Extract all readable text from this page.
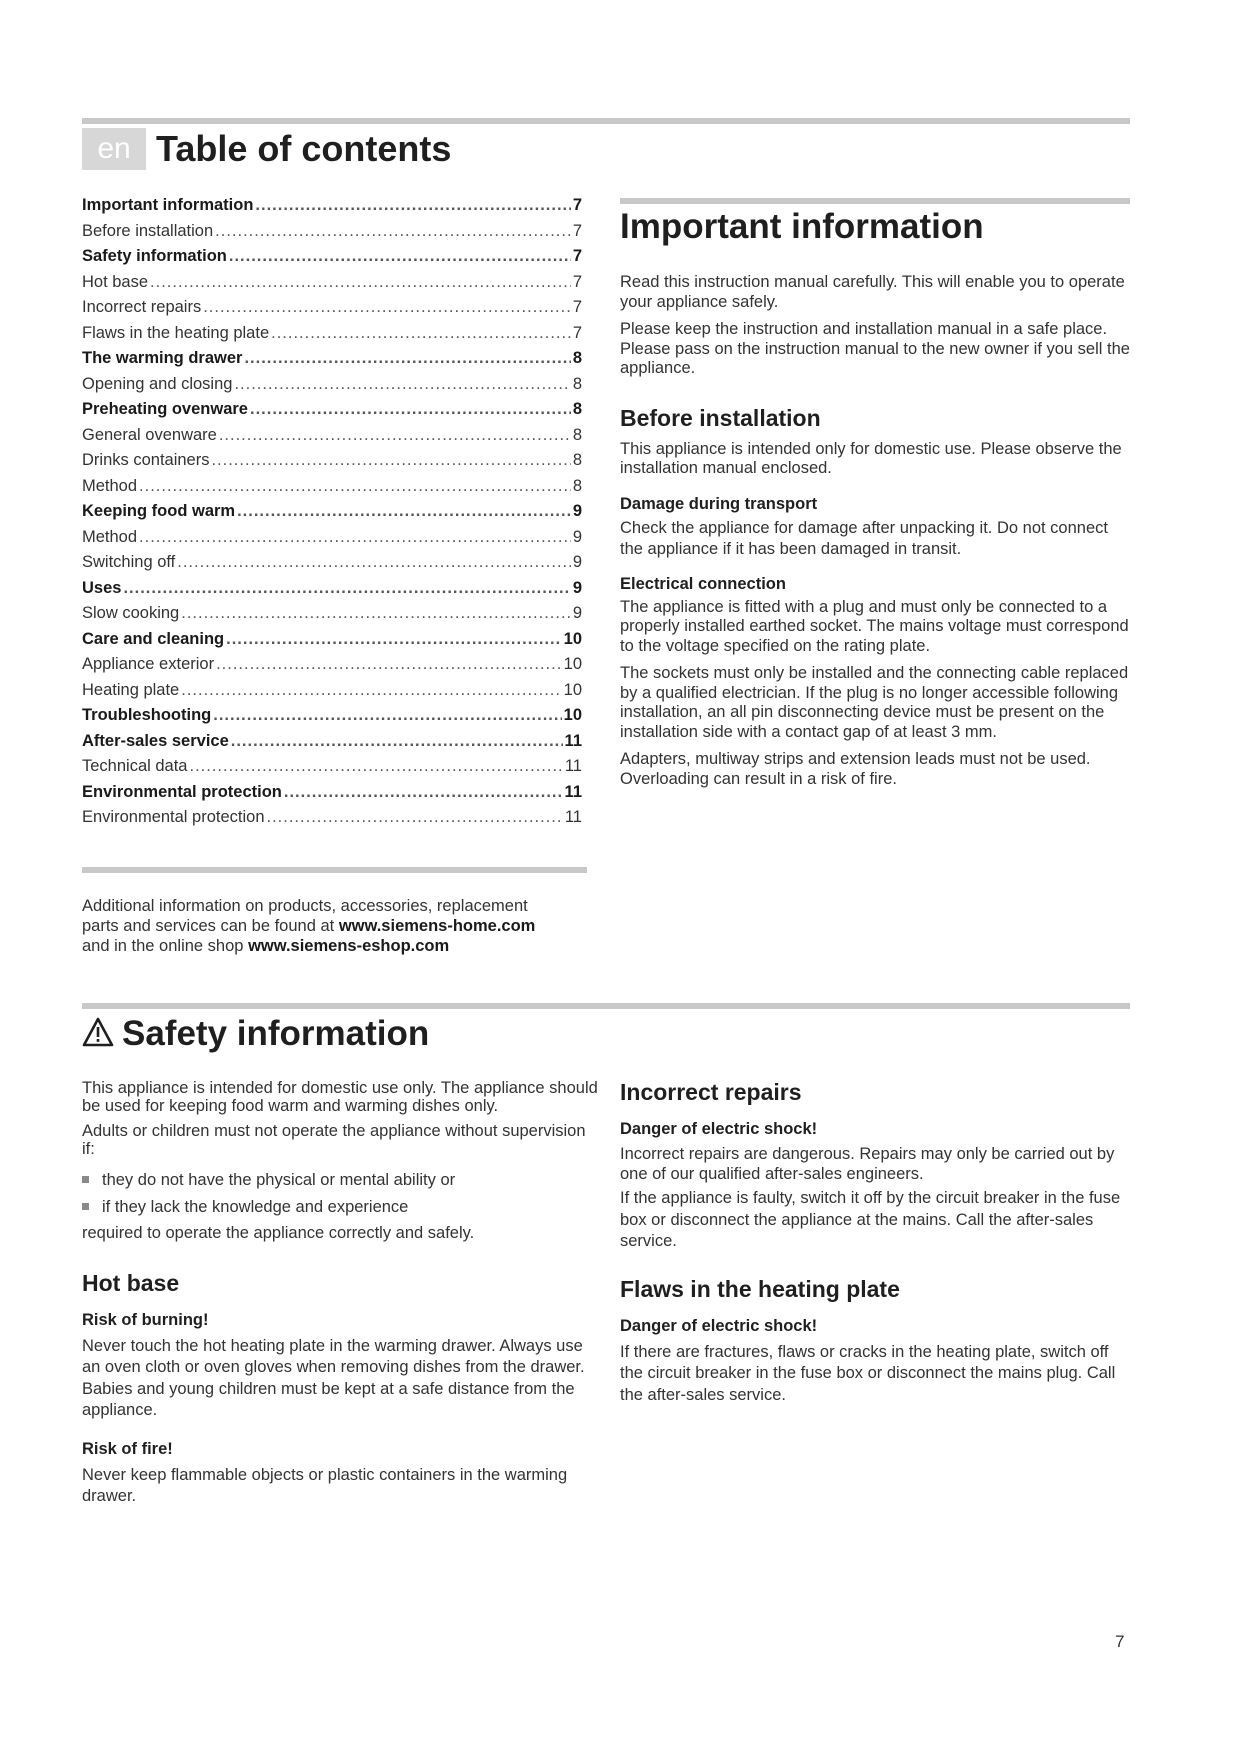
en Table of contents
Important information .....	7
Before installation .....	7
Safety information .....	7
Hot base .....	7
Incorrect repairs .....	7
Flaws in the heating plate .....	7
The warming drawer .....	8
Opening and closing .....	8
Preheating ovenware .....	8
General ovenware .....	8
Drinks containers .....	8
Method .....	8
Keeping food warm .....	9
Method .....	9
Switching off .....	9
Uses .....	9
Slow cooking .....	9
Care and cleaning .....	10
Appliance exterior .....	10
Heating plate .....	10
Troubleshooting .....	10
After-sales service .....	11
Technical data .....	11
Environmental protection .....	11
Environmental protection .....	11
Additional information on products, accessories, replacement
parts and services can be found at www.siemens-home.com
and in the online shop www.siemens-eshop.com
Important information

Read this instruction manual carefully. This will enable you to operate your appliance safely.

Please keep the instruction and installation manual in a safe place. Please pass on the instruction manual to the new owner if you sell the appliance.

Before installation

This appliance is intended only for domestic use. Please observe the installation manual enclosed.

Damage during transport

Check the appliance for damage after unpacking it. Do not connect the appliance if it has been damaged in transit.

Electrical connection

The appliance is fitted with a plug and must only be connected to a properly installed earthed socket. The mains voltage must correspond to the voltage specified on the rating plate.

The sockets must only be installed and the connecting cable replaced by a qualified electrician. If the plug is no longer accessible following installation, an all pin disconnecting device must be present on the installation side with a contact gap of at least 3 mm.

Adapters, multiway strips and extension leads must not be used. Overloading can result in a risk of fire.

Safety information

This appliance is intended for domestic use only. The appliance should be used for keeping food warm and warming dishes only.

Adults or children must not operate the appliance without supervision if:

they do not have the physical or mental ability or
if they lack the knowledge and experience

required to operate the appliance correctly and safely.

Hot base
Risk of burning!

Never touch the hot heating plate in the warming drawer. Always use an oven cloth or oven gloves when removing dishes from the drawer. Babies and young children must be kept at a safe distance from the appliance.

Risk of fire!

Never keep flammable objects or plastic containers in the warming drawer.

Incorrect repairs
Danger of electric shock!

Incorrect repairs are dangerous. Repairs may only be carried out by one of our qualified after-sales engineers.

If the appliance is faulty, switch it off by the circuit breaker in the fuse box or disconnect the appliance at the mains. Call the after-sales service.

Flaws in the heating plate
Danger of electric shock!

If there are fractures, flaws or cracks in the heating plate, switch off the circuit breaker in the fuse box or disconnect the mains plug. Call the after-sales service.

7
